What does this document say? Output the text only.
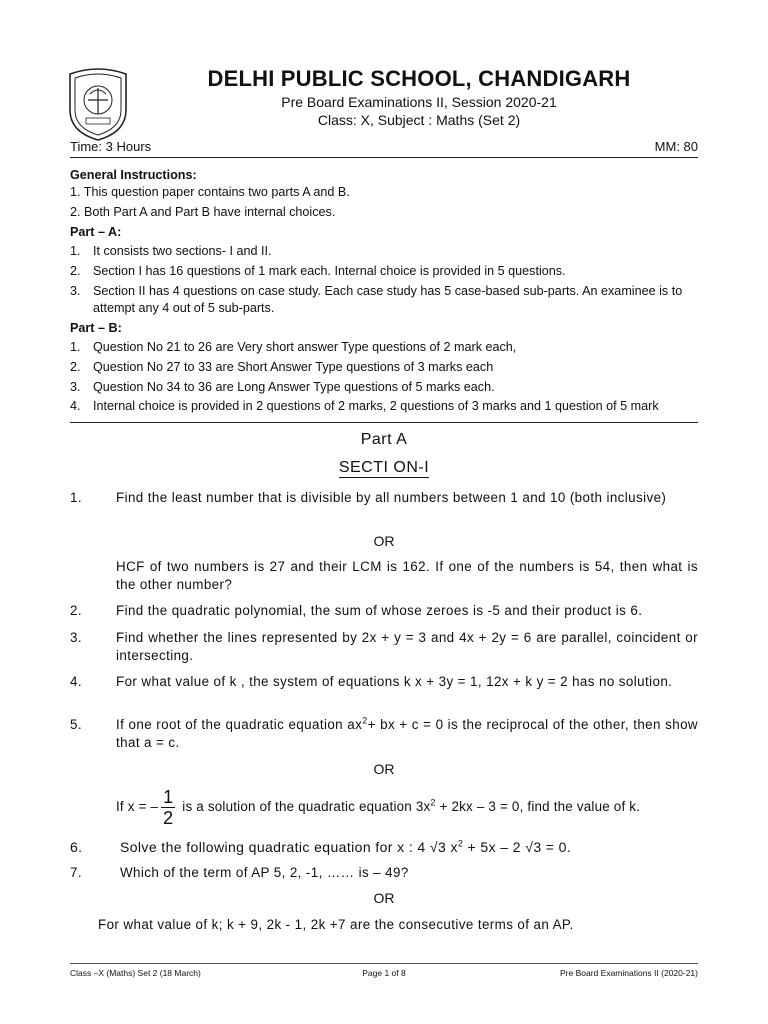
DELHI PUBLIC SCHOOL, CHANDIGARH
Pre Board Examinations II, Session 2020-21
Class: X, Subject : Maths (Set 2)
Time: 3 Hours	MM: 80
General Instructions:
1. This question paper contains two parts A and B.
2. Both Part A and Part B have internal choices.
Part – A:
1. It consists two sections- I and II.
2. Section I has 16 questions of 1 mark each. Internal choice is provided in 5 questions.
3. Section II has 4 questions on case study. Each case study has 5 case-based sub-parts. An examinee is to attempt any 4 out of 5 sub-parts.
Part – B:
1. Question No 21 to 26 are Very short answer Type questions of 2 mark each,
2. Question No 27 to 33 are Short Answer Type questions of 3 marks each
3. Question No 34 to 36 are Long Answer Type questions of 5 marks each.
4. Internal choice is provided in 2 questions of 2 marks, 2 questions of 3 marks and 1 question of 5 mark
Part A
SECTI ON-I
1.	Find the least number that is divisible by all numbers between 1 and 10 (both inclusive)
OR
HCF of two numbers is 27 and their LCM is 162. If one of the numbers is 54, then what is the other number?
2.	Find the quadratic polynomial, the sum of whose zeroes is -5 and their product is 6.
3.	Find whether the lines represented by 2x + y = 3 and 4x + 2y = 6 are parallel, coincident or intersecting.
4.	For what value of k , the system of equations k x + 3y = 1, 12x + k y = 2 has no solution.
5.	If one root of the quadratic equation $ax^2+$ bx + c = 0 is the reciprocal of the other, then show that a = c.
OR
If x = – $\frac{1}{2}$ is a solution of the quadratic equation $3x^2 + 2kx - 3 = 0$, find the value of k.
6.	Solve the following quadratic equation for x : 4 √3 $x^2 + 5x - 2$ √3 = 0.
7.	Which of the term of AP 5, 2, -1, …… is – 49?
OR
For what value of k; k + 9, 2k - 1, 2k +7 are the consecutive terms of an AP.
Class –X (Maths) Set 2 (18 March)	Page 1 of 8	Pre Board Examinations II (2020-21)
